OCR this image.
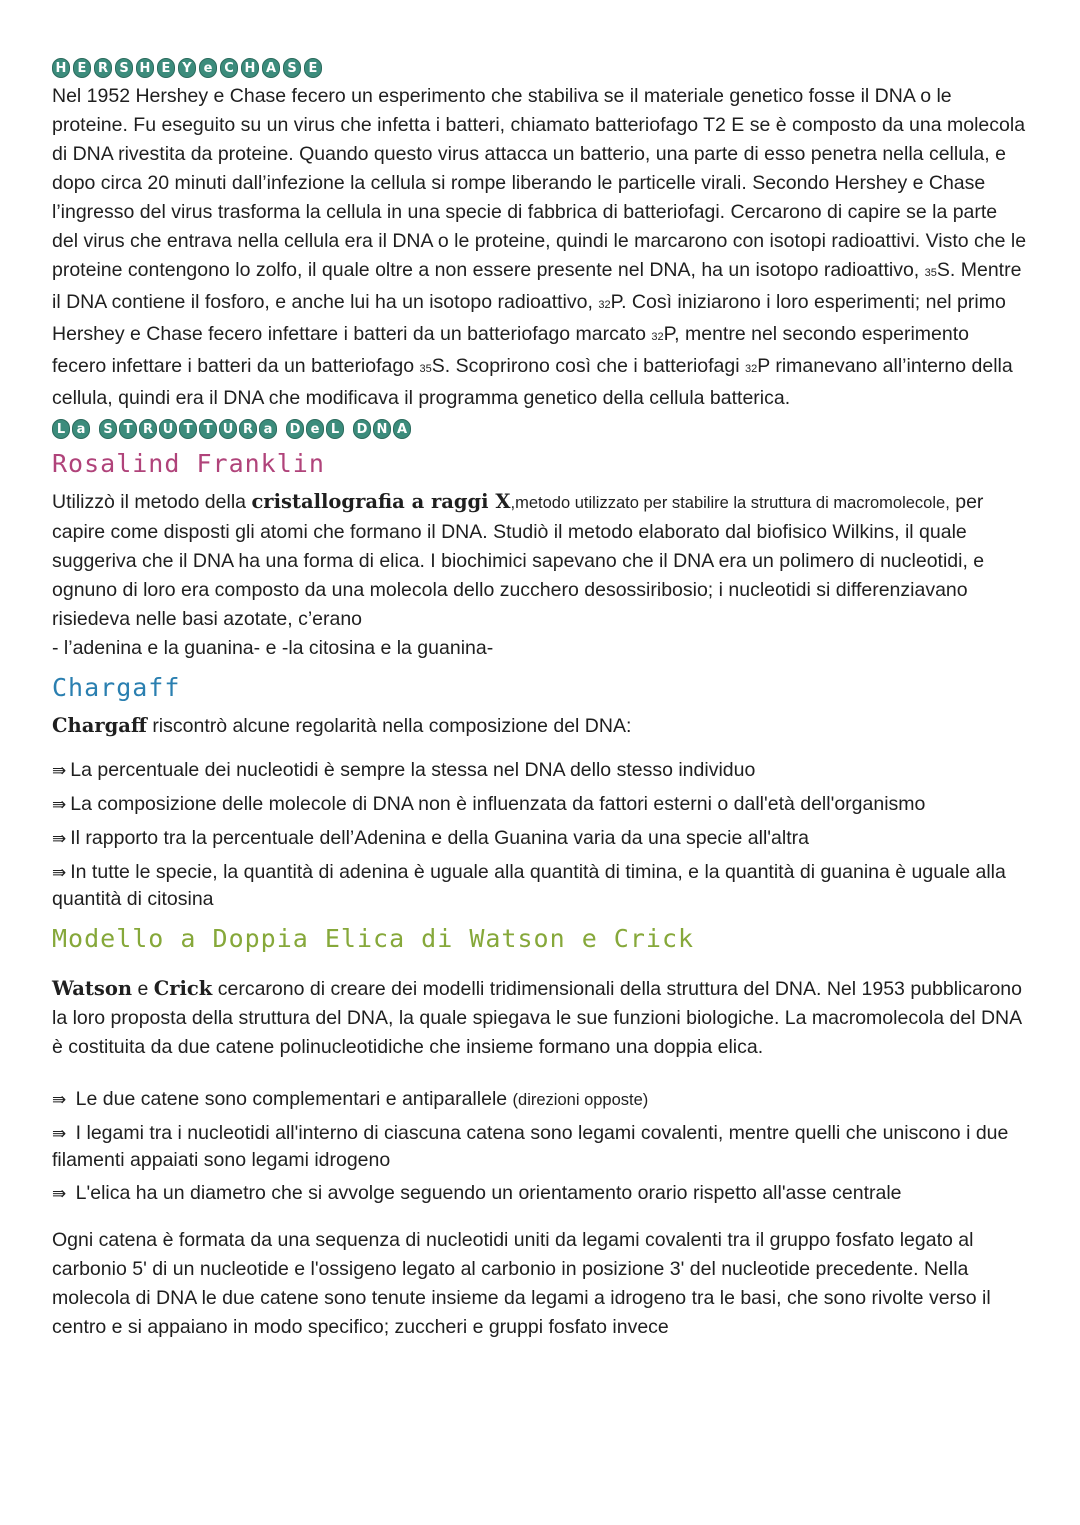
H E R S H E Y e C H A S E

Nel 1952 Hershey e Chase fecero un esperimento che stabiliva se il materiale genetico fosse il DNA o le proteine. Fu eseguito su un virus che infetta i batteri, chiamato batteriofago T2 E se è composto da una molecola di DNA rivestita da proteine. Quando questo virus attacca un batterio, una parte di esso penetra nella cellula, e dopo circa 20 minuti dall’infezione la cellula si rompe liberando le particelle virali. Secondo Hershey e Chase l’ingresso del virus trasforma la cellula in una specie di fabbrica di batteriofagi. Cercarono di capire se la parte del virus che entrava nella cellula era il DNA o le proteine, quindi le marcarono con isotopi radioattivi. Visto che le proteine contengono lo zolfo, il quale oltre a non essere presente nel DNA, ha un isotopo radioattivo, 35S. Mentre il DNA contiene il fosforo, e anche lui ha un isotopo radioattivo, 32P. Così iniziarono i loro esperimenti; nel primo Hershey e Chase fecero infettare i batteri da un batteriofago marcato 32P, mentre nel secondo esperimento fecero infettare i batteri da un batteriofago 35S. Scoprirono così che i batteriofagi 32P rimanevano all’interno della cellula, quindi era il DNA che modificava il programma genetico della cellula batterica.

L a	S T R U T T U R a	D e L	D N A
Rosalind Franklin

Utilizzò il metodo della cristallografia a raggi X,metodo utilizzato per stabilire la struttura di macromolecole, per capire come disposti gli atomi che formano il DNA. Studiò il metodo elaborato dal biofisico Wilkins, il quale suggeriva che il DNA ha una forma di elica. I biochimici sapevano che il DNA era un polimero di nucleotidi, e ognuno di loro era composto da una molecola dello zucchero desossiribosio; i nucleotidi si differenziavano risiedeva nelle basi azotate, c’erano
- l’adenina e la guanina- e -la citosina e la guanina-

Chargaff

Chargaff riscontrò alcune regolarità nella composizione del DNA:

⇛ La percentuale dei nucleotidi è sempre la stessa nel DNA dello stesso individuo
⇛ La composizione delle molecole di DNA non è influenzata da fattori esterni o dall'età dell'organismo
⇛ Il rapporto tra la percentuale dell’Adenina e della Guanina varia da una specie all'altra
⇛ In tutte le specie, la quantità di adenina è uguale alla quantità di timina, e la quantità di guanina è uguale alla quantità di citosina
Modello a Doppia Elica di Watson e Crick

Watson e Crick cercarono di creare dei modelli tridimensionali della struttura del DNA. Nel 1953 pubblicarono la loro proposta della struttura del DNA, la quale spiegava le sue funzioni biologiche. La macromolecola del DNA è costituita da due catene polinucleotidiche che insieme formano una doppia elica.

⇛ Le due catene sono complementari e antiparallele (direzioni opposte)
⇛ I legami tra i nucleotidi all'interno di ciascuna catena sono legami covalenti, mentre quelli che uniscono i due filamenti appaiati sono legami idrogeno
⇛ L'elica ha un diametro che si avvolge seguendo un orientamento orario rispetto all'asse centrale

Ogni catena è formata da una sequenza di nucleotidi uniti da legami covalenti tra il gruppo fosfato legato al carbonio 5' di un nucleotide e l'ossigeno legato al carbonio in posizione 3' del nucleotide precedente. Nella molecola di DNA le due catene sono tenute insieme da legami a idrogeno tra le basi, che sono rivolte verso il centro e si appaiano in modo specifico; zuccheri e gruppi fosfato invece
